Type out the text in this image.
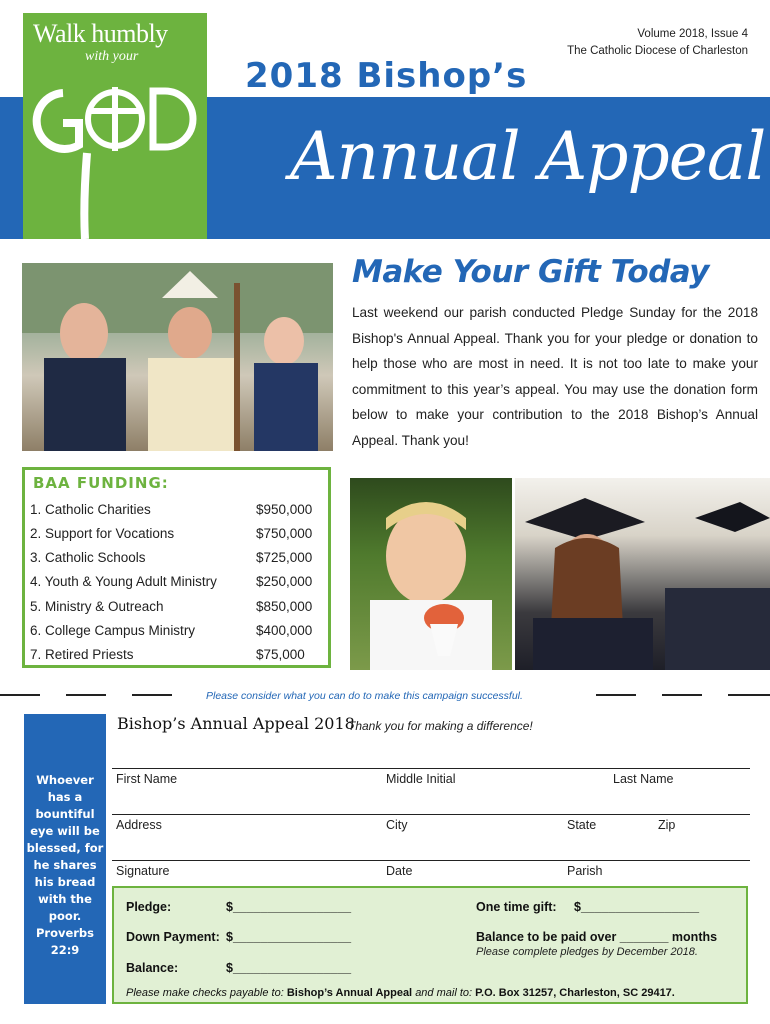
Walk humbly
with your
Volume 2018, Issue 4
The Catholic Diocese of Charleston
2018 Bishop’s
Annual Appeal
Make Your Gift Today
Last weekend our parish conducted Pledge Sunday for the 2018 Bishop's Annual Appeal. Thank you for your pledge or donation to help those who are most in need. It is not too late to make your commitment to this year’s appeal. You may use the donation form below to make your contribution to the 2018 Bishop’s Annual Appeal. Thank you!
BAA FUNDING:
1. Catholic Charities	$950,000
2. Support for Vocations	$750,000
3. Catholic Schools	$725,000
4. Youth & Young Adult Ministry	$250,000
5. Ministry & Outreach	$850,000
6. College Campus Ministry	$400,000
7. Retired Priests	$75,000
Please consider what you can do to make this campaign successful.
Whoever has a bountiful eye will be blessed, for he shares his bread with the poor. Proverbs 22:9
Bishop’s Annual Appeal 2018
Thank you for making a difference!
First Name	Middle Initial	Last Name
Address	City	State	Zip
Signature	Date	Parish
Pledge:	$_________________
Down Payment: $_________________
Balance:	$_________________
One time gift: $_________________
Balance to be paid over _______ months
Please complete pledges by December 2018.
Please make checks payable to: Bishop’s Annual Appeal and mail to: P.O. Box 31257, Charleston, SC 29417.
